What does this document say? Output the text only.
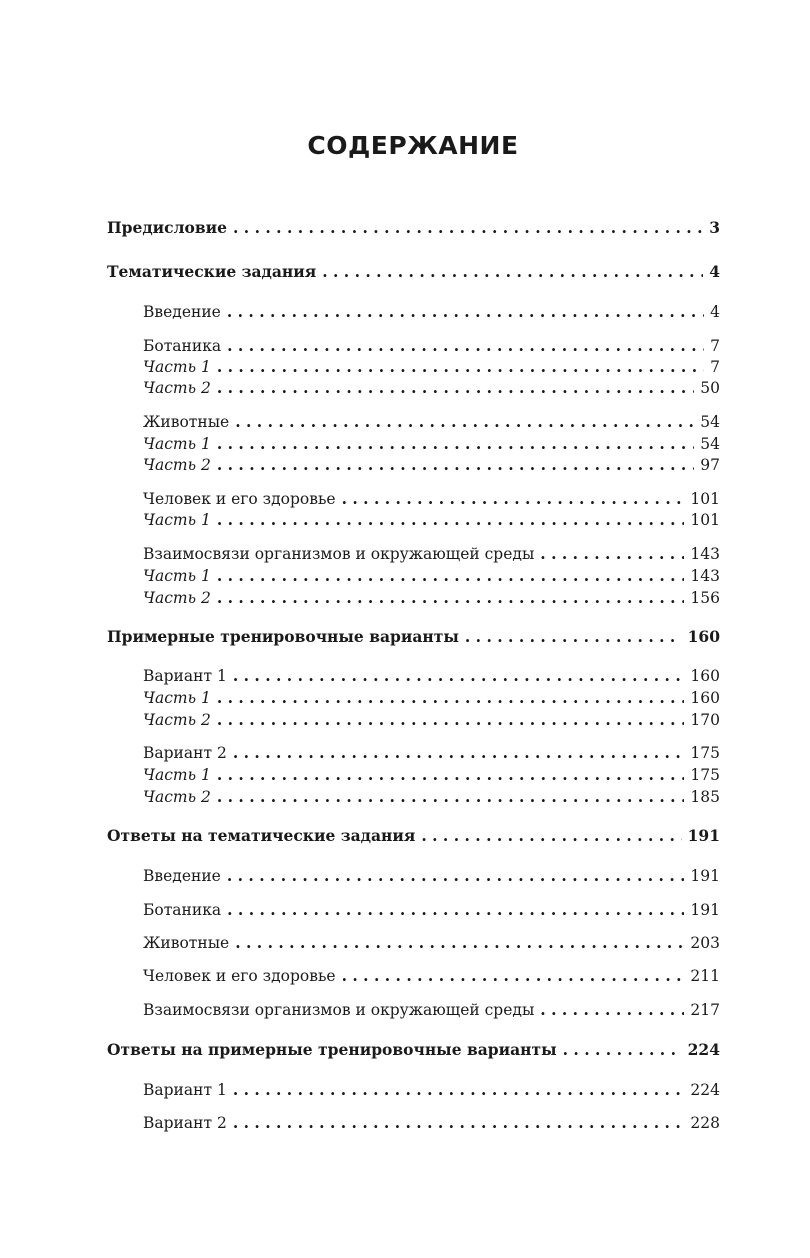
СОДЕРЖАНИЕ
Предисловие . . .	3
Тематические задания . . .	4
Введение . . .	4
Ботаника . . .	7
Часть 1 . . .	7
Часть 2 . . .	50
Животные . . .	54
Часть 1 . . .	54
Часть 2 . . .	97
Человек и его здоровье . . .	101
Часть 1 . . .	101
Взаимосвязи организмов и окружающей среды . . .	143
Часть 1 . . .	143
Часть 2 . . .	156
Примерные тренировочные варианты . . .	160
Вариант 1 . . .	160
Часть 1 . . .	160
Часть 2 . . .	170
Вариант 2 . . .	175
Часть 1 . . .	175
Часть 2 . . .	185
Ответы на тематические задания . . .	191
Введение . . .	191
Ботаника . . .	191
Животные . . .	203
Человек и его здоровье . . .	211
Взаимосвязи организмов и окружающей среды . . .	217
Ответы на примерные тренировочные варианты . . .	224
Вариант 1 . . .	224
Вариант 2 . . .	228
